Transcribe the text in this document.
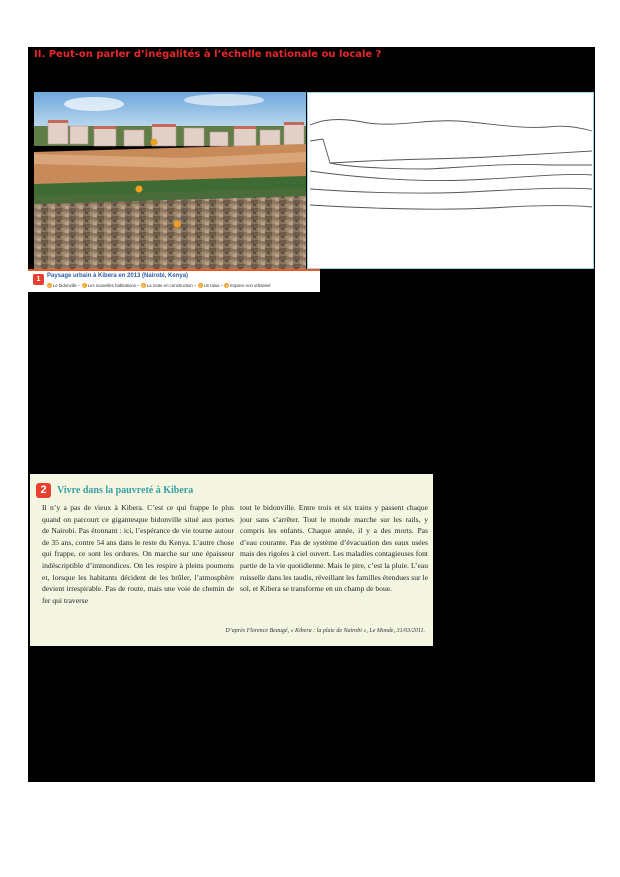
II. Peut-on parler d’inégalités à l’échelle nationale ou locale ?
1	Paysage urbain à Kibera en 2013 (Nairobi, Kenya)
1 Le bidonville – 2 Les nouvelles habitations – 3 La route en construction – 4 Un talus – 5 Espace non urbanisé
2	Vivre dans la pauvreté à Kibera
Il n’y a pas de vieux à Kibera. C’est ce qui frappe le plus quand on parcourt ce gigantesque bidonville situé aux portes de Nairobi. Pas étonnant : ici, l’espérance de vie tourne autour de 35 ans, contre 54 ans dans le reste du Kenya. L’autre chose qui frappe, ce sont les ordures. On marche sur une épaisseur indéscriptible d’immondices. On les respire à pleins poumons et, lorsque les habitants décident de les brûler, l’atmosphère devient irrespirable. Pas de route, mais une voie de chemin de fer qui traverse
tout le bidonville. Entre trois et six trains y passent chaque jour sans s’arrêter. Tout le monde marche sur les rails, y compris les enfants. Chaque année, il y a des morts. Pas d’eau courante. Pas de système d’évacuation des eaux usées mais des rigoles à ciel ouvert. Les maladies contagieuses font partie de la vie quotidienne. Mais le pire, c’est la pluie. L’eau ruisselle dans les taudis, réveillant les familles étendues sur le sol, et Kibera se transforme en un champ de boue.
D’après Florence Beaugé, « Kibera : la plaie de Nairobi », Le Monde, 31/03/2011.
